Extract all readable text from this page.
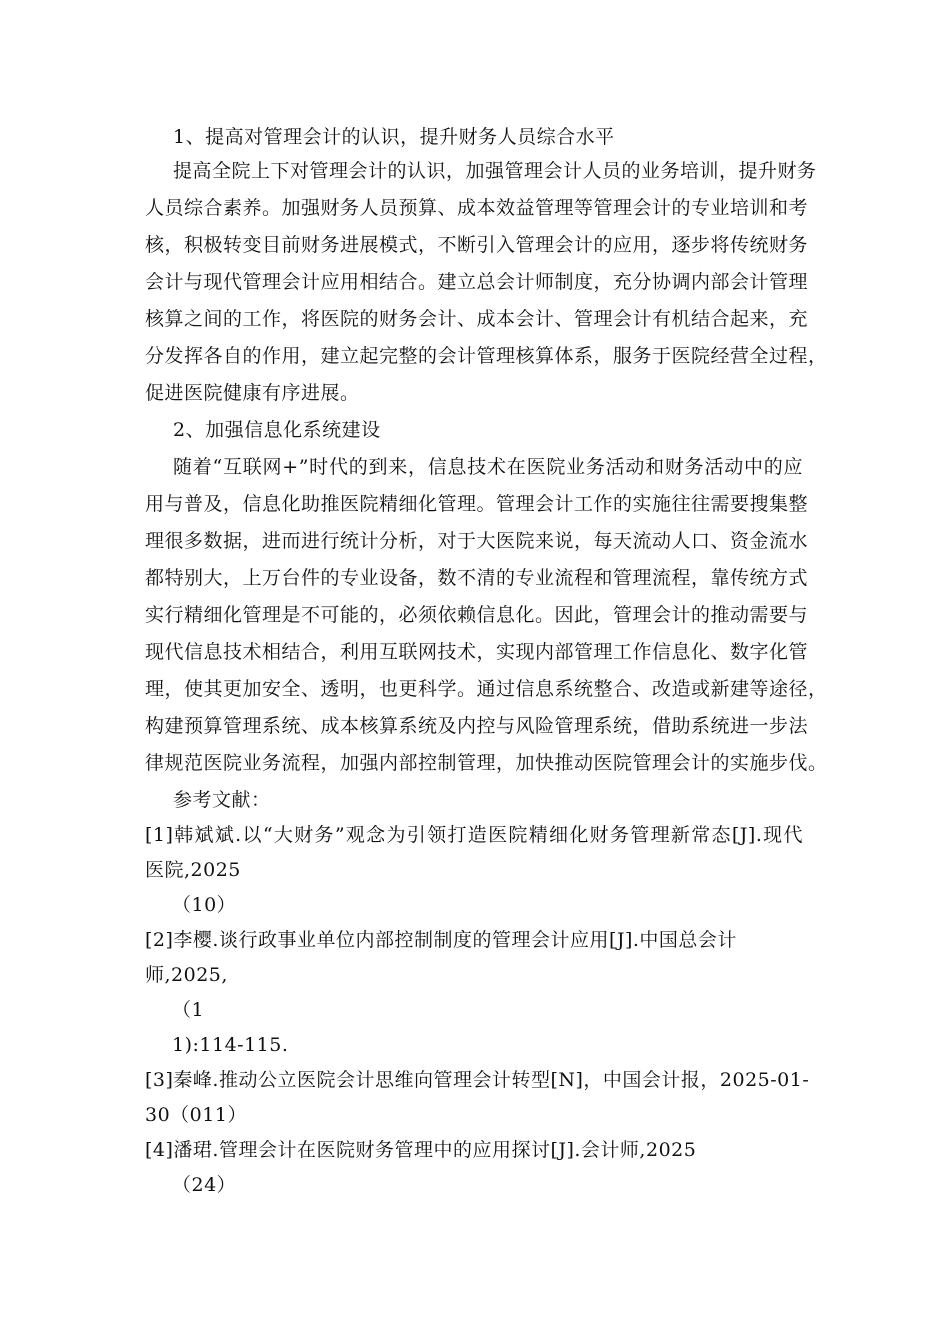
1、提高对管理会计的认识，提升财务人员综合水平
提高全院上下对管理会计的认识，加强管理会计人员的业务培训，提升财务
人员综合素养。加强财务人员预算、成本效益管理等管理会计的专业培训和考
核，积极转变目前财务进展模式，不断引入管理会计的应用，逐步将传统财务
会计与现代管理会计应用相结合。建立总会计师制度，充分协调内部会计管理
核算之间的工作，将医院的财务会计、成本会计、管理会计有机结合起来，充
分发挥各自的作用，建立起完整的会计管理核算体系，服务于医院经营全过程，
促进医院健康有序进展。
2、加强信息化系统建设
随着“互联网+”时代的到来，信息技术在医院业务活动和财务活动中的应
用与普及，信息化助推医院精细化管理。管理会计工作的实施往往需要搜集整
理很多数据，进而进行统计分析，对于大医院来说，每天流动人口、资金流水
都特别大，上万台件的专业设备，数不清的专业流程和管理流程，靠传统方式
实行精细化管理是不可能的，必须依赖信息化。因此，管理会计的推动需要与
现代信息技术相结合，利用互联网技术，实现内部管理工作信息化、数字化管
理，使其更加安全、透明，也更科学。通过信息系统整合、改造或新建等途径，
构建预算管理系统、成本核算系统及内控与风险管理系统，借助系统进一步法
律规范医院业务流程，加强内部控制管理，加快推动医院管理会计的实施步伐。
参考文献：
[1]韩斌斌.以“大财务”观念为引领打造医院精细化财务管理新常态[J].现代
医院,2025
（10）
[2]李樱.谈行政事业单位内部控制制度的管理会计应用[J].中国总会计
师,2025,
（1
1):114-115.
[3]秦峰.推动公立医院会计思维向管理会计转型[N]，中国会计报，2025-01-
30（011）
[4]潘珺.管理会计在医院财务管理中的应用探讨[J].会计师,2025
（24）
